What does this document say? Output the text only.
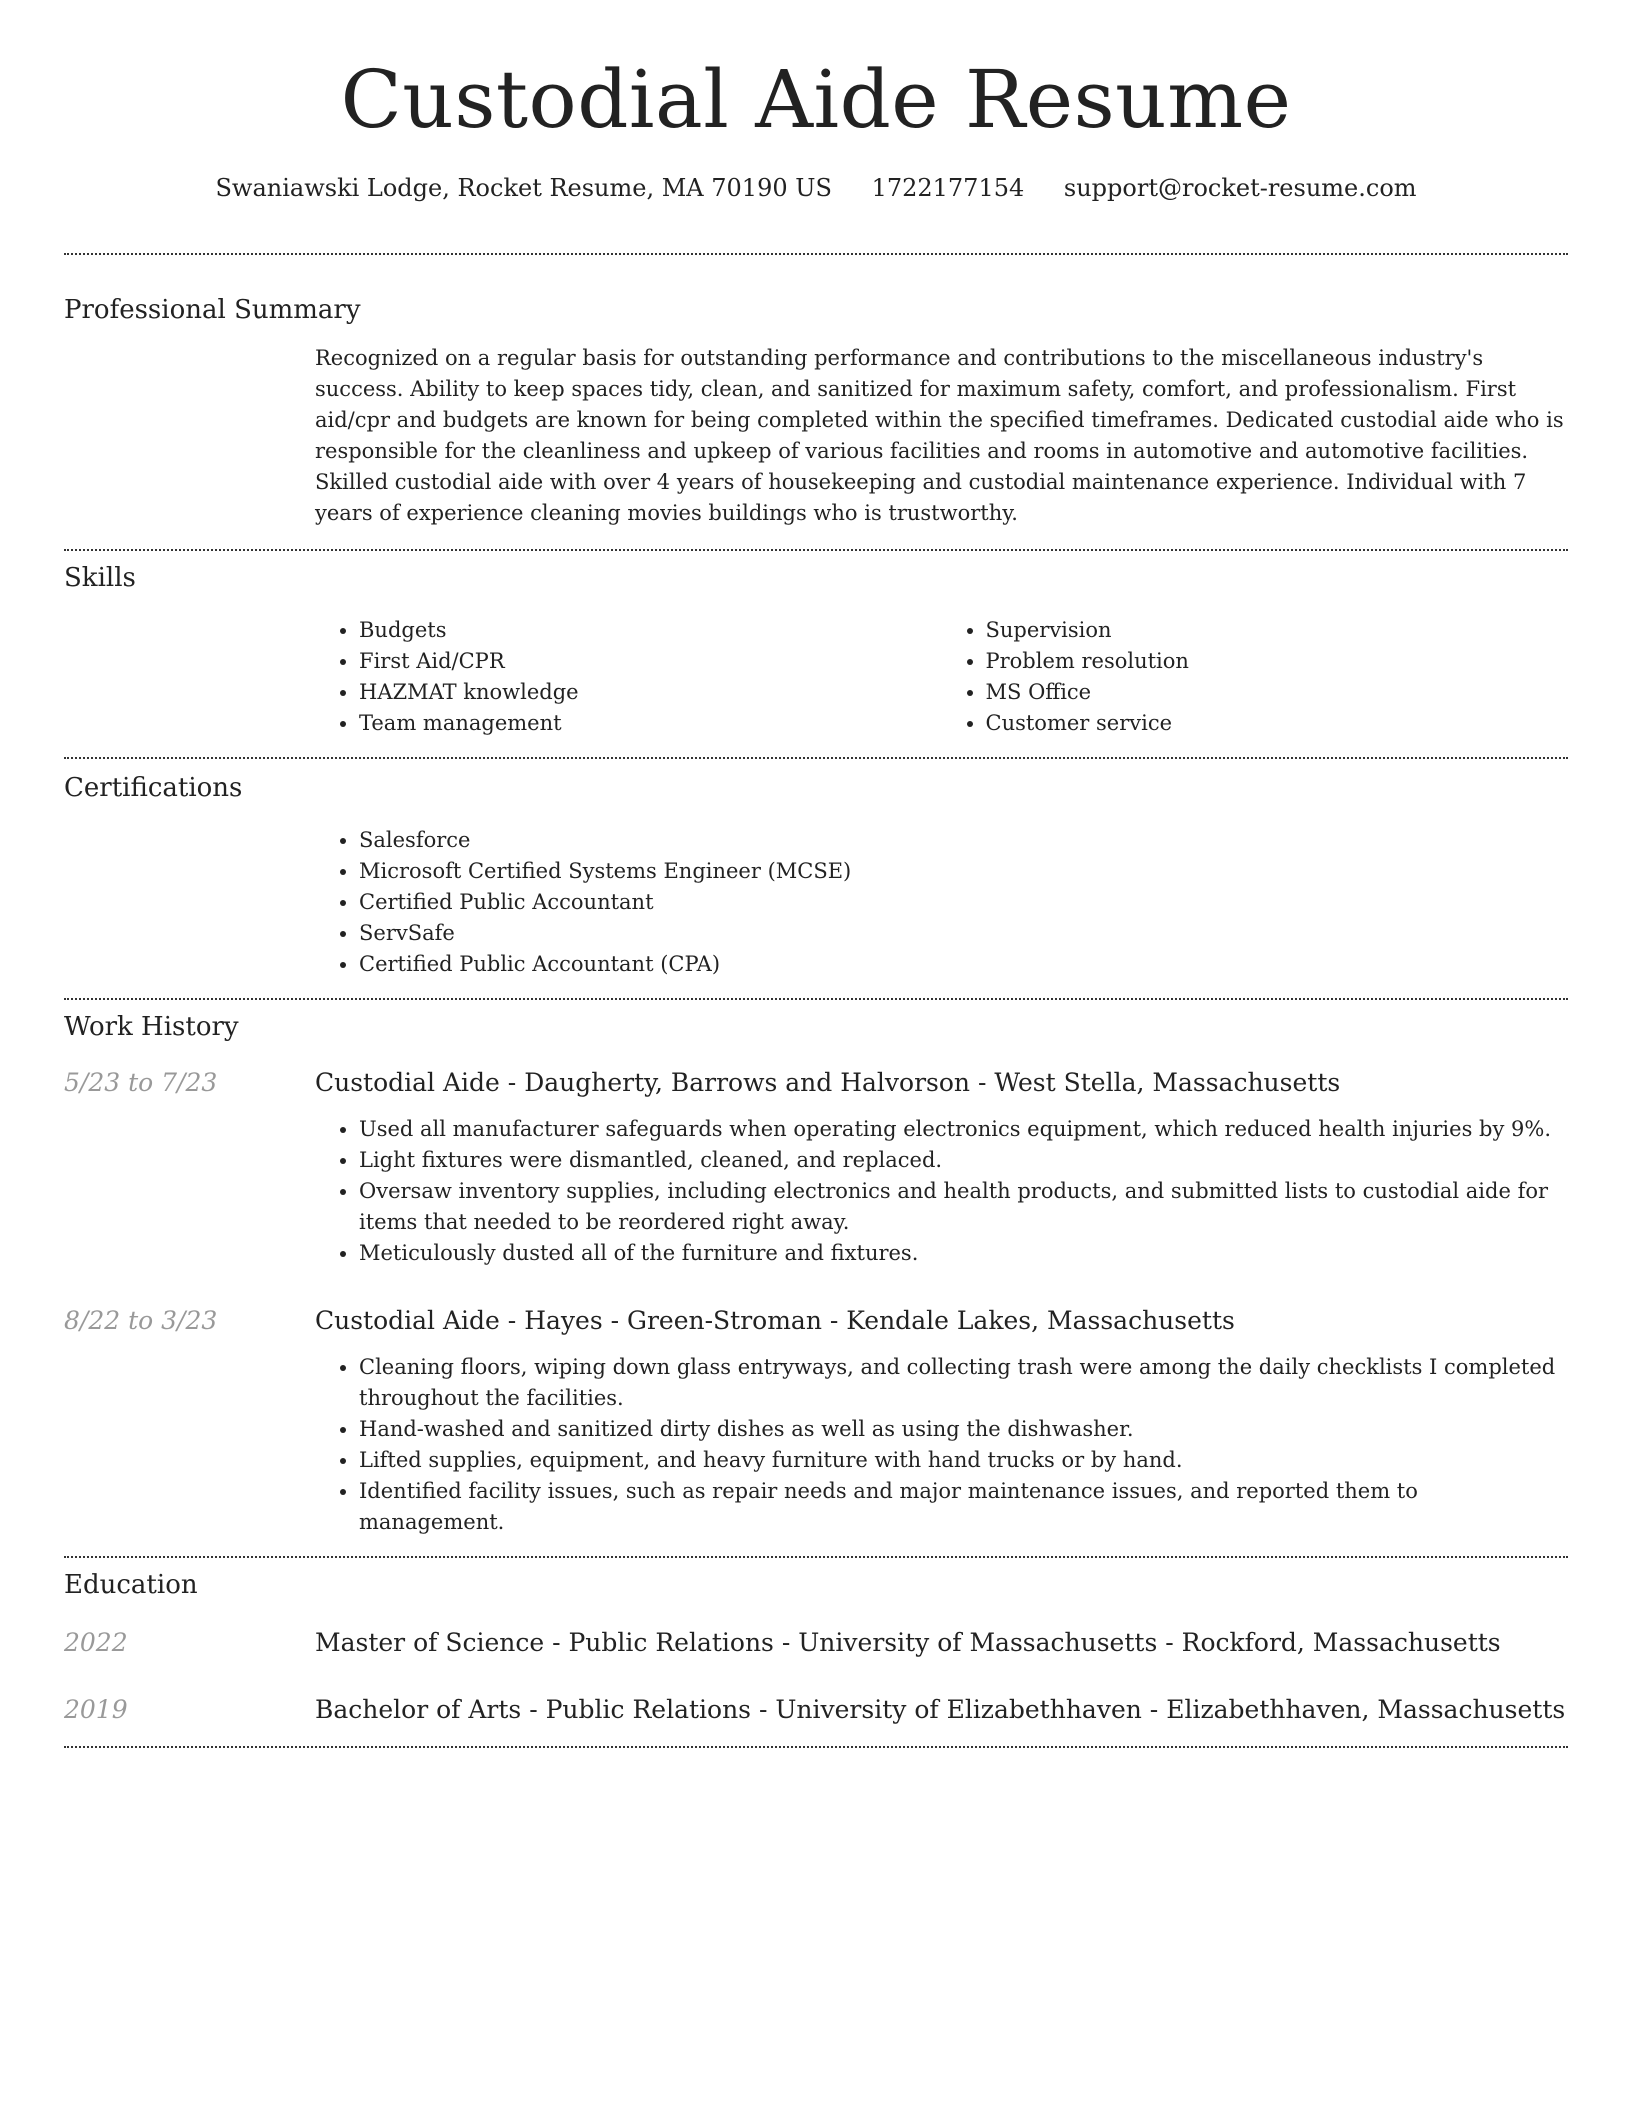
Custodial Aide Resume
Swaniawski Lodge, Rocket Resume, MA 70190 US 1722177154 support@rocket-resume.com
Professional Summary
Recognized on a regular basis for outstanding performance and contributions to the miscellaneous industry's success. Ability to keep spaces tidy, clean, and sanitized for maximum safety, comfort, and professionalism. First aid/cpr and budgets are known for being completed within the specified timeframes. Dedicated custodial aide who is responsible for the cleanliness and upkeep of various facilities and rooms in automotive and automotive facilities. Skilled custodial aide with over 4 years of housekeeping and custodial maintenance experience. Individual with 7 years of experience cleaning movies buildings who is trustworthy.
Skills
• Budgets
• First Aid/CPR
• HAZMAT knowledge
• Team management
• Supervision
• Problem resolution
• MS Office
• Customer service
Certifications
• Salesforce
• Microsoft Certified Systems Engineer (MCSE)
• Certified Public Accountant
• ServSafe
• Certified Public Accountant (CPA)
Work History
5/23 to 7/23	Custodial Aide - Daugherty, Barrows and Halvorson - West Stella, Massachusetts
• Used all manufacturer safeguards when operating electronics equipment, which reduced health injuries by 9%.
• Light fixtures were dismantled, cleaned, and replaced.
• Oversaw inventory supplies, including electronics and health products, and submitted lists to custodial aide for items that needed to be reordered right away.
• Meticulously dusted all of the furniture and fixtures.
8/22 to 3/23	Custodial Aide - Hayes - Green-Stroman - Kendale Lakes, Massachusetts
• Cleaning floors, wiping down glass entryways, and collecting trash were among the daily checklists I completed throughout the facilities.
• Hand-washed and sanitized dirty dishes as well as using the dishwasher.
• Lifted supplies, equipment, and heavy furniture with hand trucks or by hand.
• Identified facility issues, such as repair needs and major maintenance issues, and reported them to management.
Education
2022	Master of Science - Public Relations - University of Massachusetts - Rockford, Massachusetts
2019	Bachelor of Arts - Public Relations - University of Elizabethhaven - Elizabethhaven, Massachusetts
